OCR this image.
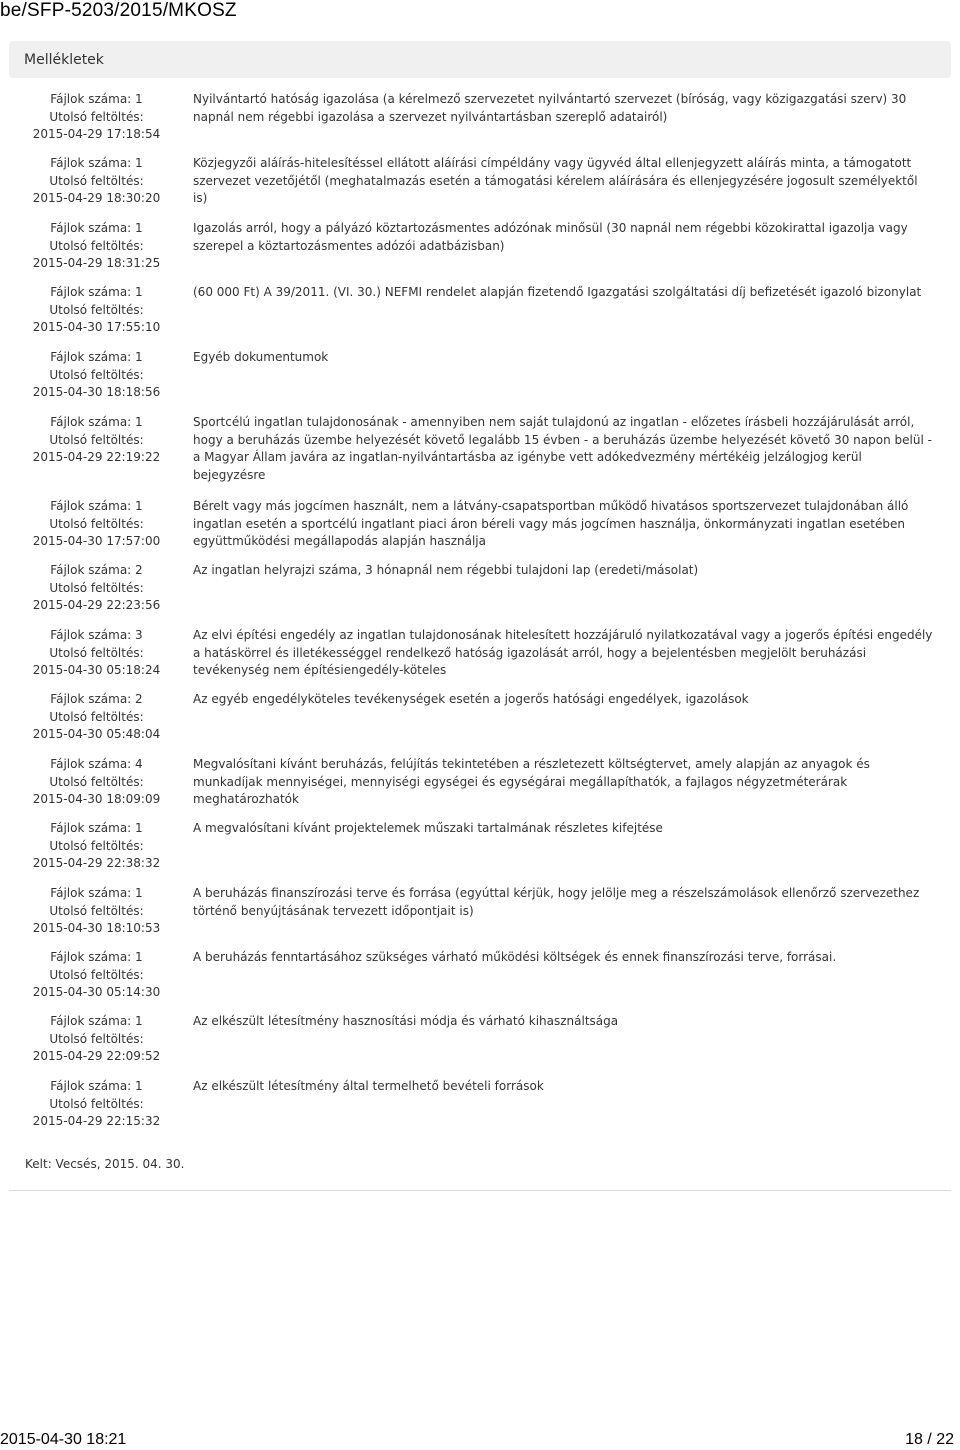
be/SFP-5203/2015/MKOSZ
Mellékletek
Fájlok száma: 1
Utolsó feltöltés:
2015-04-29 17:18:54
Nyilvántartó hatóság igazolása (a kérelmező szervezetet nyilvántartó szervezet (bíróság, vagy közigazgatási szerv) 30 napnál nem régebbi igazolása a szervezet nyilvántartásban szereplő adatairól)
Fájlok száma: 1
Utolsó feltöltés:
2015-04-29 18:30:20
Közjegyzői aláírás-hitelesítéssel ellátott aláírási címpéldány vagy ügyvéd által ellenjegyzett aláírás minta, a támogatott szervezet vezetőjétől (meghatalmazás esetén a támogatási kérelem aláírására és ellenjegyzésére jogosult személyektől is)
Fájlok száma: 1
Utolsó feltöltés:
2015-04-29 18:31:25
Igazolás arról, hogy a pályázó köztartozásmentes adózónak minősül (30 napnál nem régebbi közokirattal igazolja vagy szerepel a köztartozásmentes adózói adatbázisban)
Fájlok száma: 1
Utolsó feltöltés:
2015-04-30 17:55:10
(60 000 Ft) A 39/2011. (VI. 30.) NEFMI rendelet alapján fizetendő Igazgatási szolgáltatási díj befizetését igazoló bizonylat
Fájlok száma: 1
Utolsó feltöltés:
2015-04-30 18:18:56
Egyéb dokumentumok
Fájlok száma: 1
Utolsó feltöltés:
2015-04-29 22:19:22
Sportcélú ingatlan tulajdonosának - amennyiben nem saját tulajdonú az ingatlan - előzetes írásbeli hozzájárulását arról, hogy a beruházás üzembe helyezését követő legalább 15 évben - a beruházás üzembe helyezését követő 30 napon belül - a Magyar Állam javára az ingatlan-nyilvántartásba az igénybe vett adókedvezmény mértékéig jelzálogjog kerül bejegyzésre
Fájlok száma: 1
Utolsó feltöltés:
2015-04-30 17:57:00
Bérelt vagy más jogcímen használt, nem a látvány-csapatsportban működő hivatásos sportszervezet tulajdonában álló ingatlan esetén a sportcélú ingatlant piaci áron béreli vagy más jogcímen használja, önkormányzati ingatlan esetében együttműködési megállapodás alapján használja
Fájlok száma: 2
Utolsó feltöltés:
2015-04-29 22:23:56
Az ingatlan helyrajzi száma, 3 hónapnál nem régebbi tulajdoni lap (eredeti/másolat)
Fájlok száma: 3
Utolsó feltöltés:
2015-04-30 05:18:24
Az elvi építési engedély az ingatlan tulajdonosának hitelesített hozzájáruló nyilatkozatával vagy a jogerős építési engedély a hatáskörrel és illetékességgel rendelkező hatóság igazolását arról, hogy a bejelentésben megjelölt beruházási tevékenység nem építésiengedély-köteles
Fájlok száma: 2
Utolsó feltöltés:
2015-04-30 05:48:04
Az egyéb engedélyköteles tevékenységek esetén a jogerős hatósági engedélyek, igazolások
Fájlok száma: 4
Utolsó feltöltés:
2015-04-30 18:09:09
Megvalósítani kívánt beruházás, felújítás tekintetében a részletezett költségtervet, amely alapján az anyagok és munkadíjak mennyiségei, mennyiségi egységei és egységárai megállapíthatók, a fajlagos négyzetméterárak meghatározhatók
Fájlok száma: 1
Utolsó feltöltés:
2015-04-29 22:38:32
A megvalósítani kívánt projektelemek műszaki tartalmának részletes kifejtése
Fájlok száma: 1
Utolsó feltöltés:
2015-04-30 18:10:53
A beruházás finanszírozási terve és forrása (egyúttal kérjük, hogy jelölje meg a részelszámolások ellenőrző szervezethez történő benyújtásának tervezett időpontjait is)
Fájlok száma: 1
Utolsó feltöltés:
2015-04-30 05:14:30
A beruházás fenntartásához szükséges várható működési költségek és ennek finanszírozási terve, forrásai.
Fájlok száma: 1
Utolsó feltöltés:
2015-04-29 22:09:52
Az elkészült létesítmény hasznosítási módja és várható kihasználtsága
Fájlok száma: 1
Utolsó feltöltés:
2015-04-29 22:15:32
Az elkészült létesítmény által termelhető bevételi források
Kelt: Vecsés, 2015. 04. 30.
2015-04-30 18:21	18 / 22
